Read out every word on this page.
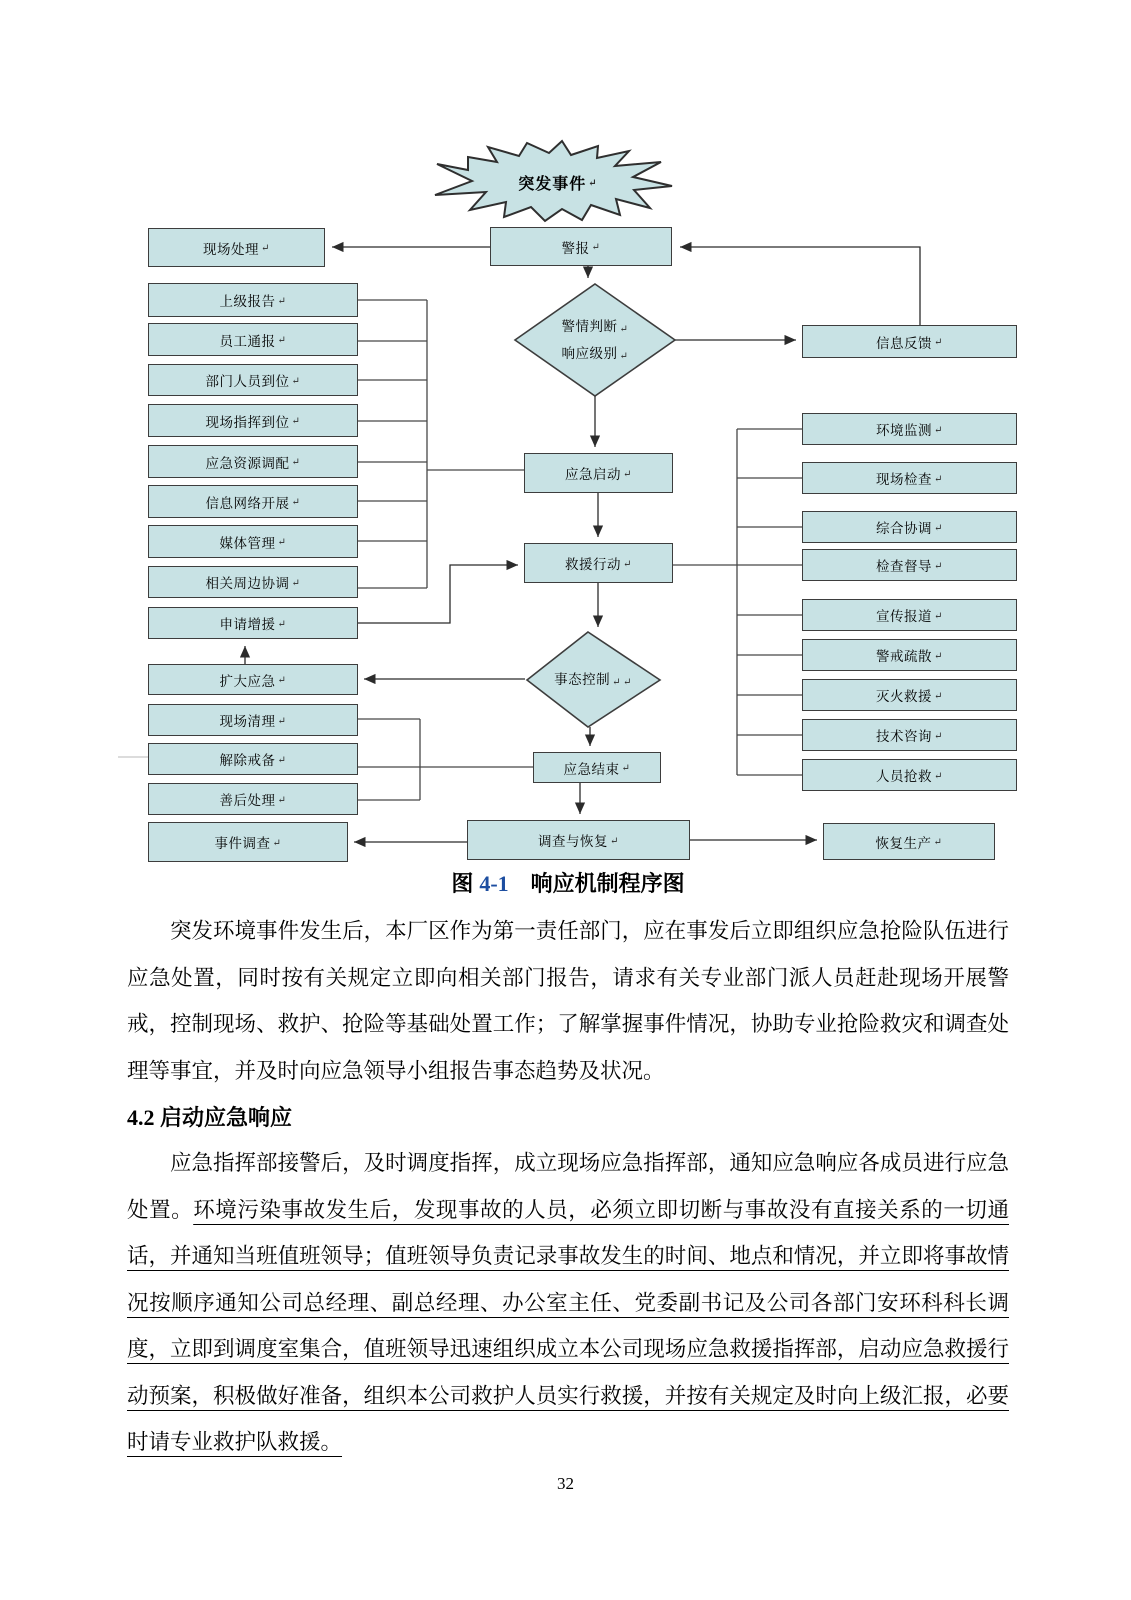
突发事件 ↵
现场处理 ↵
上级报告 ↵
员工通报 ↵
部门人员到位 ↵
现场指挥到位 ↵
应急资源调配 ↵
信息网络开展 ↵
媒体管理 ↵
相关周边协调 ↵
申请增援 ↵
扩大应急 ↵
现场清理 ↵
解除戒备 ↵
善后处理 ↵
事件调查 ↵
警报 ↵
警情判断 ↵
响应级别 ↵
应急启动 ↵
救援行动 ↵
事态控制 ↵ ↵
应急结束 ↵
调查与恢复 ↵
信息反馈 ↵
环境监测 ↵
现场检查 ↵
综合协调 ↵
检查督导 ↵
宣传报道 ↵
警戒疏散 ↵
灭火救援 ↵
技术咨询 ↵
人员抢救 ↵
恢复生产 ↵

图 4-1 响应机制程序图

突发环境事件发生后，本厂区作为第一责任部门，应在事发后立即组织应急抢险队伍进行应急处置，同时按有关规定立即向相关部门报告，请求有关专业部门派人员赶赴现场开展警戒，控制现场、救护、抢险等基础处置工作；了解掌握事件情况，协助专业抢险救灾和调查处理等事宜，并及时向应急领导小组报告事态趋势及状况。

4.2 启动应急响应

应急指挥部接警后，及时调度指挥，成立现场应急指挥部，通知应急响应各成员进行应急处置。环境污染事故发生后，发现事故的人员，必须立即切断与事故没有直接关系的一切通话，并通知当班值班领导；值班领导负责记录事故发生的时间、地点和情况，并立即将事故情况按顺序通知公司总经理、副总经理、办公室主任、党委副书记及公司各部门安环科科长调度，立即到调度室集合，值班领导迅速组织成立本公司现场应急救援指挥部，启动应急救援行动预案，积极做好准备，组织本公司救护人员实行救援，并按有关规定及时向上级汇报，必要时请专业救护队救援。

32
